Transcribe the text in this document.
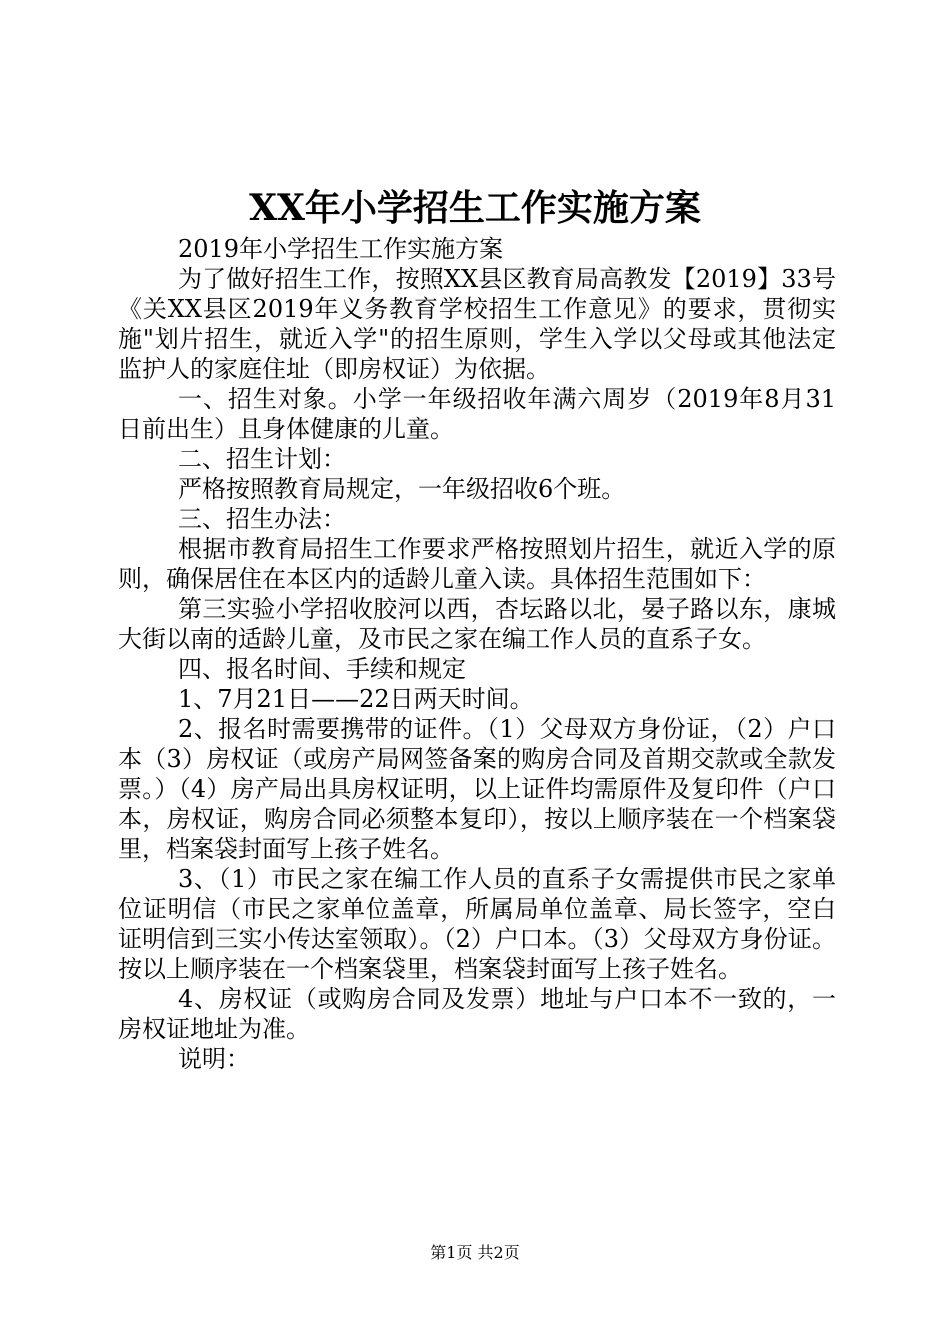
XX年小学招生工作实施方案

2019年小学招生工作实施方案

为了做好招生工作，按照XX县区教育局高教发【2019】33号《关XX县区2019年义务教育学校招生工作意见》的要求，贯彻实施"划片招生，就近入学"的招生原则，学生入学以父母或其他法定监护人的家庭住址（即房权证）为依据。

一、招生对象。小学一年级招收年满六周岁（2019年8月31日前出生）且身体健康的儿童。

二、招生计划：

严格按照教育局规定，一年级招收6个班。

三、招生办法：

根据市教育局招生工作要求严格按照划片招生，就近入学的原则，确保居住在本区内的适龄儿童入读。具体招生范围如下：

第三实验小学招收胶河以西，杏坛路以北，晏子路以东，康城大街以南的适龄儿童，及市民之家在编工作人员的直系子女。

四、报名时间、手续和规定

1、7月21日——22日两天时间。

2、报名时需要携带的证件。（1）父母双方身份证，（2）户口本（3）房权证（或房产局网签备案的购房合同及首期交款或全款发票。）（4）房产局出具房权证明，以上证件均需原件及复印件（户口本，房权证，购房合同必须整本复印），按以上顺序装在一个档案袋里，档案袋封面写上孩子姓名。

3、（1）市民之家在编工作人员的直系子女需提供市民之家单位证明信（市民之家单位盖章，所属局单位盖章、局长签字，空白证明信到三实小传达室领取）。（2）户口本。（3）父母双方身份证。按以上顺序装在一个档案袋里，档案袋封面写上孩子姓名。

4、房权证（或购房合同及发票）地址与户口本不一致的，一房权证地址为准。

说明：

第1页 共2页
